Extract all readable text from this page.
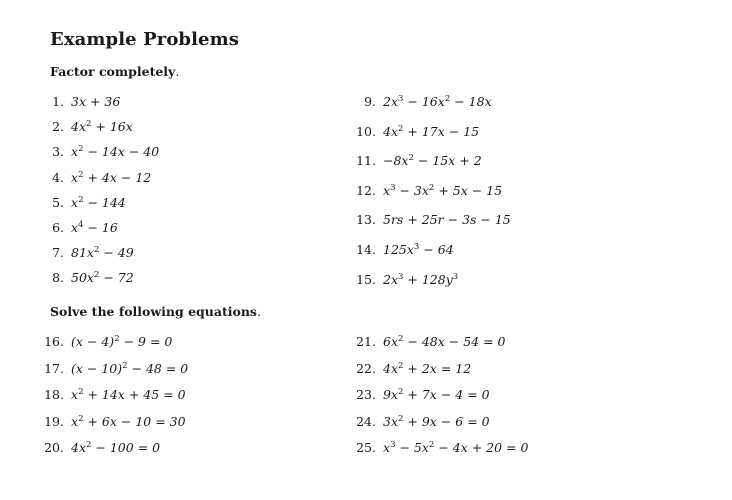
Example Problems
Factor completely.
1. 3x + 36
2. $4x^2 + 16x$
3. $x^2 - 14x - 40$
4. $x^2 + 4x - 12$
5. $x^2 - 144$
6. $x^4 - 16$
7. $81x^2 - 49$
8. $50x^2 - 72$
9. $2x^3 - 16x^2 - 18x$
10. $4x^2 + 17x - 15$
11. $-8x^2 - 15x + 2$
12. $x^3 - 3x^2 + 5x - 15$
13. 5rs + 25r − 3s − 15
14. $125x^3 - 64$
15. $2x^3 + 128y^3$
Solve the following equations.
16. $(x - 4)^2 - 9 = 0$
17. $(x - 10)^2 - 48 = 0$
18. $x^2 + 14x + 45 = 0$
19. $x^2 + 6x - 10 = 30$
20. $4x^2 - 100 = 0$
21. $6x^2 - 48x - 54 = 0$
22. $4x^2 + 2x = 12$
23. $9x^2 + 7x - 4 = 0$
24. $3x^2 + 9x - 6 = 0$
25. $x^3 - 5x^2 - 4x + 20 = 0$
